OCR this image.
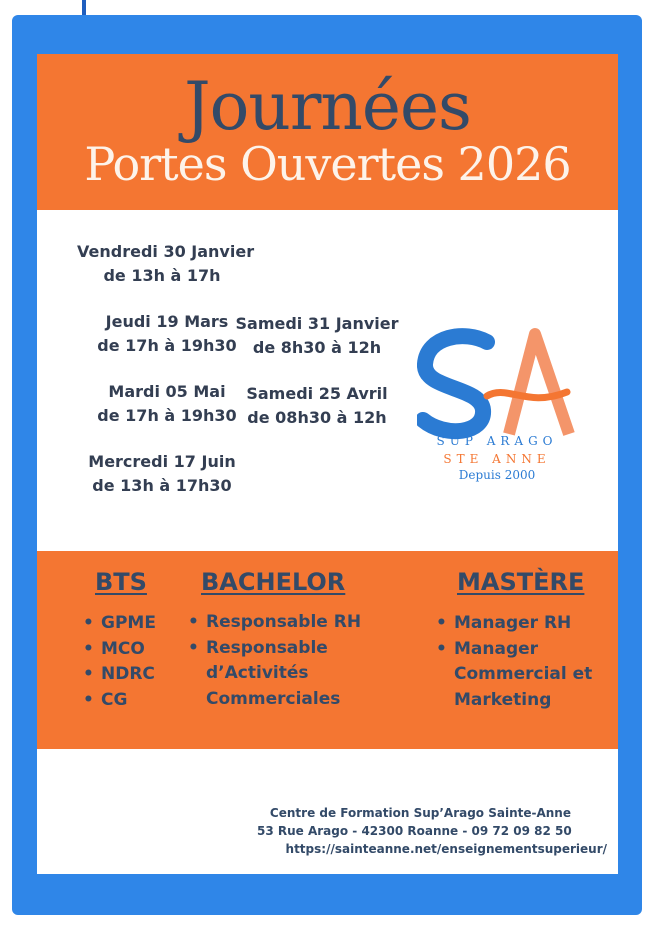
Journées
Portes Ouvertes 2026
Vendredi 30 Janvier
de 13h à 17h
Jeudi 19 Mars
de 17h à 19h30
Samedi 31 Janvier
de 8h30 à 12h
Mardi 05 Mai
de 17h à 19h30
Samedi 25 Avril
de 08h30 à 12h
Mercredi 17 Juin
de 13h à 17h30
SUP ARAGO
STE ANNE
Depuis 2000
BTS
• GPME
• MCO
• NDRC
• CG
BACHELOR
• Responsable RH
• Responsable d’Activités Commerciales
MASTÈRE
• Manager RH
• Manager Commercial et Marketing
Centre de Formation Sup’Arago Sainte-Anne
53 Rue Arago - 42300 Roanne - 09 72 09 82 50
https://sainteanne.net/enseignementsuperieur/
